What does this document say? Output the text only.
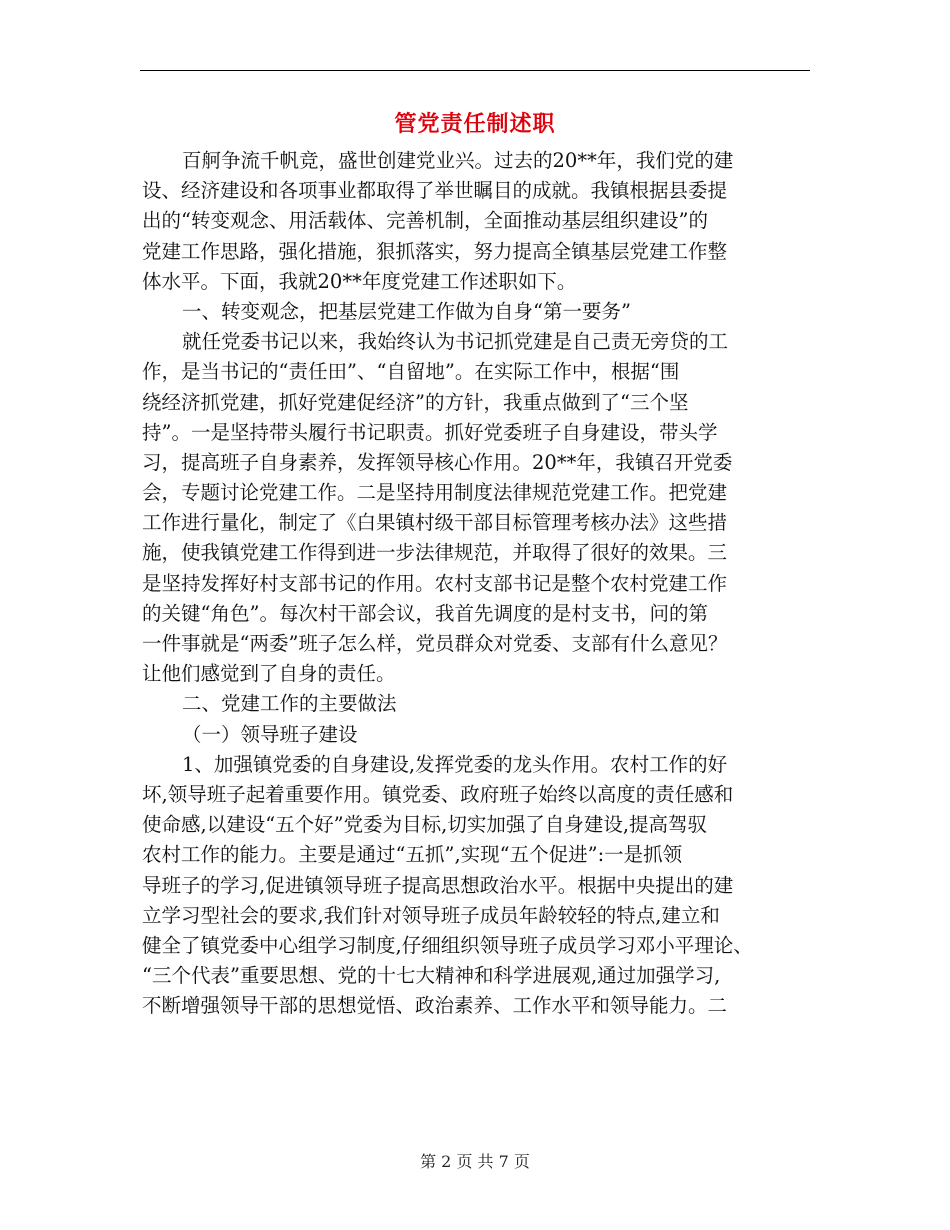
管党责任制述职
百舸争流千帆竞，盛世创建党业兴。过去的20**年，我们党的建
设、经济建设和各项事业都取得了举世瞩目的成就。我镇根据县委提
出的“转变观念、用活载体、完善机制，全面推动基层组织建设”的
党建工作思路，强化措施，狠抓落实，努力提高全镇基层党建工作整
体水平。下面，我就20**年度党建工作述职如下。
一、转变观念，把基层党建工作做为自身“第一要务”
就任党委书记以来，我始终认为书记抓党建是自己责无旁贷的工
作，是当书记的“责任田”、“自留地”。在实际工作中，根据“围
绕经济抓党建，抓好党建促经济”的方针，我重点做到了“三个坚
持”。一是坚持带头履行书记职责。抓好党委班子自身建设，带头学
习，提高班子自身素养，发挥领导核心作用。20**年，我镇召开党委
会，专题讨论党建工作。二是坚持用制度法律规范党建工作。把党建
工作进行量化，制定了《白果镇村级干部目标管理考核办法》这些措
施，使我镇党建工作得到进一步法律规范，并取得了很好的效果。三
是坚持发挥好村支部书记的作用。农村支部书记是整个农村党建工作
的关键“角色”。每次村干部会议，我首先调度的是村支书，问的第
一件事就是“两委”班子怎么样，党员群众对党委、支部有什么意见？
让他们感觉到了自身的责任。
二、党建工作的主要做法
（一）领导班子建设
1、加强镇党委的自身建设,发挥党委的龙头作用。农村工作的好
坏,领导班子起着重要作用。镇党委、政府班子始终以高度的责任感和
使命感,以建设“五个好”党委为目标,切实加强了自身建设,提高驾驭
农村工作的能力。主要是通过“五抓”,实现“五个促进”:一是抓领
导班子的学习,促进镇领导班子提高思想政治水平。根据中央提出的建
立学习型社会的要求,我们针对领导班子成员年龄较轻的特点,建立和
健全了镇党委中心组学习制度,仔细组织领导班子成员学习邓小平理论、
“三个代表”重要思想、党的十七大精神和科学进展观,通过加强学习,
不断增强领导干部的思想觉悟、政治素养、工作水平和领导能力。二
第 2 页 共 7 页
